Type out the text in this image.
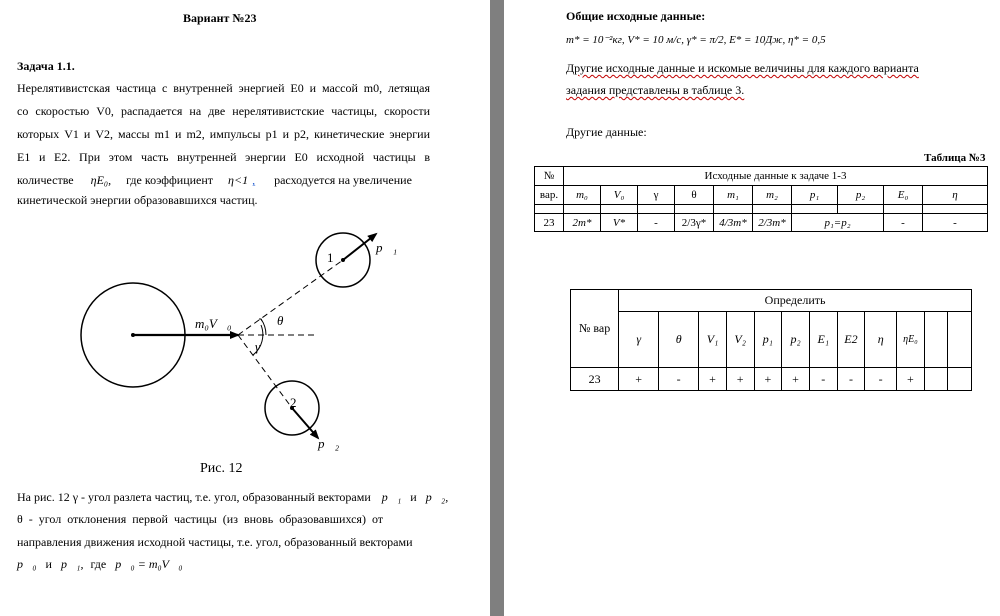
Вариант №23
Задача 1.1.
Нерелятивистская частица с внутренней энергией E0 и массой m0, летящая
со скоростью V0, распадается на две нерелятивистские частицы, скорости
которых V1 и V2, массы m1 и m2, импульсы p1 и p2, кинетические энергии
E1 и E2. При этом часть внутренней энергии E0 исходной частицы в
количестве ηE₀, где коэффициент η<1 , расходуется на увеличение
кинетической энергии образовавшихся частиц.
1
2
p⃗₁
p⃗₂
m₀V⃗₀	θ
γ
Рис. 12
На рис. 12 γ - угол разлета частиц, т.е. угол, образованный векторами p⃗₁ и p⃗₂,
θ  -  угол  отклонения  первой  частицы  (из  вновь  образовавшихся)  от
направления движения исходной частицы, т.е. угол, образованный векторами
p⃗₀ и p⃗₁, где p⃗₀ = m₀V⃗₀
Общие исходные данные:
m* = 10⁻²кг, V* = 10 м/с, γ* = π/2, E* = 10Дж, η* = 0,5
Другие исходные данные и искомые величины для каждого варианта
задания представлены в таблице 3.
Другие данные:
Таблица №3
№	Исходные данные к задаче 1-3									
вар.	m₀	V₀	γ	θ	m₁	m₂	p₁	p₂	E₀	η

23	2m*	V*	-	2/3γ*	4/3m*	2/3m*	p₁=p₂		-	-
№ вар	Определить											
	γ	θ	V₁	V₂	p₁	p₂	E₁	E2	η	ηE₀		
23	+	-	+	+	+	+	-	-	-	+		
